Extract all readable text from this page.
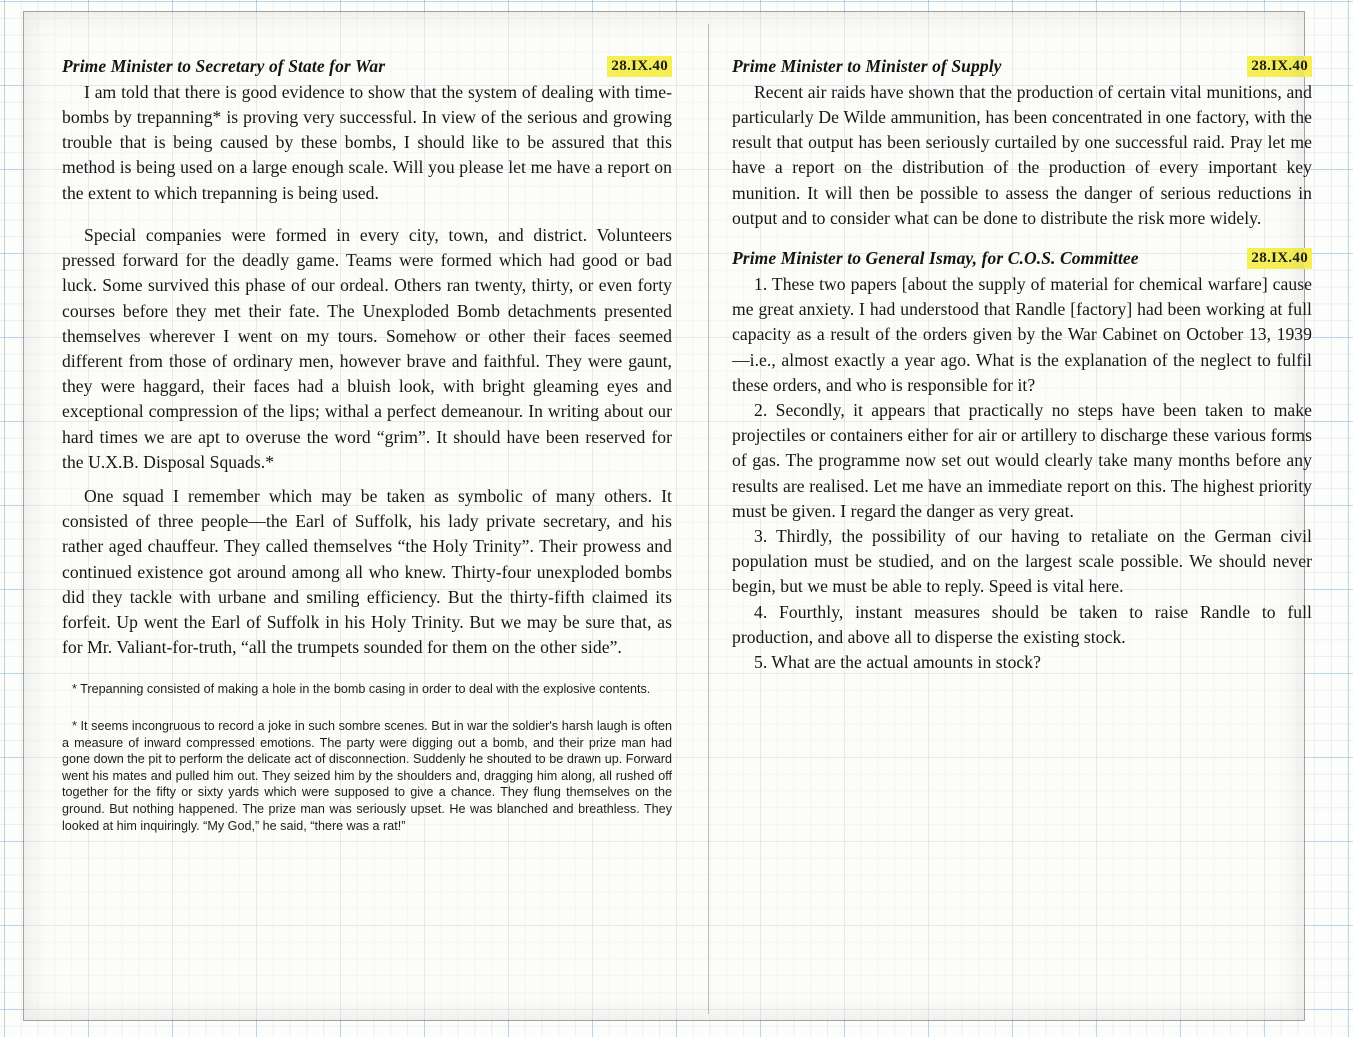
Prime Minister to Secretary of State for War	28.IX.40

I am told that there is good evidence to show that the system of dealing with time-bombs by trepanning* is proving very successful. In view of the serious and growing trouble that is being caused by these bombs, I should like to be assured that this method is being used on a large enough scale. Will you please let me have a report on the extent to which trepanning is being used.

Special companies were formed in every city, town, and district. Volunteers pressed forward for the deadly game. Teams were formed which had good or bad luck. Some survived this phase of our ordeal. Others ran twenty, thirty, or even forty courses before they met their fate. The Unexploded Bomb detachments presented themselves wherever I went on my tours. Somehow or other their faces seemed different from those of ordinary men, however brave and faithful. They were gaunt, they were haggard, their faces had a bluish look, with bright gleaming eyes and exceptional compression of the lips; withal a perfect demeanour. In writing about our hard times we are apt to overuse the word “grim”. It should have been reserved for the U.X.B. Disposal Squads.*

One squad I remember which may be taken as symbolic of many others. It consisted of three people—the Earl of Suffolk, his lady private secretary, and his rather aged chauffeur. They called themselves “the Holy Trinity”. Their prowess and continued existence got around among all who knew. Thirty-four unexploded bombs did they tackle with urbane and smiling efficiency. But the thirty-fifth claimed its forfeit. Up went the Earl of Suffolk in his Holy Trinity. But we may be sure that, as for Mr. Valiant-for-truth, “all the trumpets sounded for them on the other side”.

* Trepanning consisted of making a hole in the bomb casing in order to deal with the explosive contents.

* It seems incongruous to record a joke in such sombre scenes. But in war the soldier's harsh laugh is often a measure of inward compressed emotions. The party were digging out a bomb, and their prize man had gone down the pit to perform the delicate act of disconnection. Suddenly he shouted to be drawn up. Forward went his mates and pulled him out. They seized him by the shoulders and, dragging him along, all rushed off together for the fifty or sixty yards which were supposed to give a chance. They flung themselves on the ground. But nothing happened. The prize man was seriously upset. He was blanched and breathless. They looked at him inquiringly. “My God,” he said, “there was a rat!”

Prime Minister to Minister of Supply	28.IX.40

Recent air raids have shown that the production of certain vital munitions, and particularly De Wilde ammunition, has been concentrated in one factory, with the result that output has been seriously curtailed by one successful raid. Pray let me have a report on the distribution of the production of every important key munition. It will then be possible to assess the danger of serious reductions in output and to consider what can be done to distribute the risk more widely.

Prime Minister to General Ismay, for C.O.S. Committee	28.IX.40

1. These two papers [about the supply of material for chemical warfare] cause me great anxiety. I had understood that Randle [factory] had been working at full capacity as a result of the orders given by the War Cabinet on October 13, 1939—i.e., almost exactly a year ago. What is the explanation of the neglect to fulfil these orders, and who is responsible for it?

2. Secondly, it appears that practically no steps have been taken to make projectiles or containers either for air or artillery to discharge these various forms of gas. The programme now set out would clearly take many months before any results are realised. Let me have an immediate report on this. The highest priority must be given. I regard the danger as very great.

3. Thirdly, the possibility of our having to retaliate on the German civil population must be studied, and on the largest scale possible. We should never begin, but we must be able to reply. Speed is vital here.

4. Fourthly, instant measures should be taken to raise Randle to full production, and above all to disperse the existing stock.

5. What are the actual amounts in stock?
